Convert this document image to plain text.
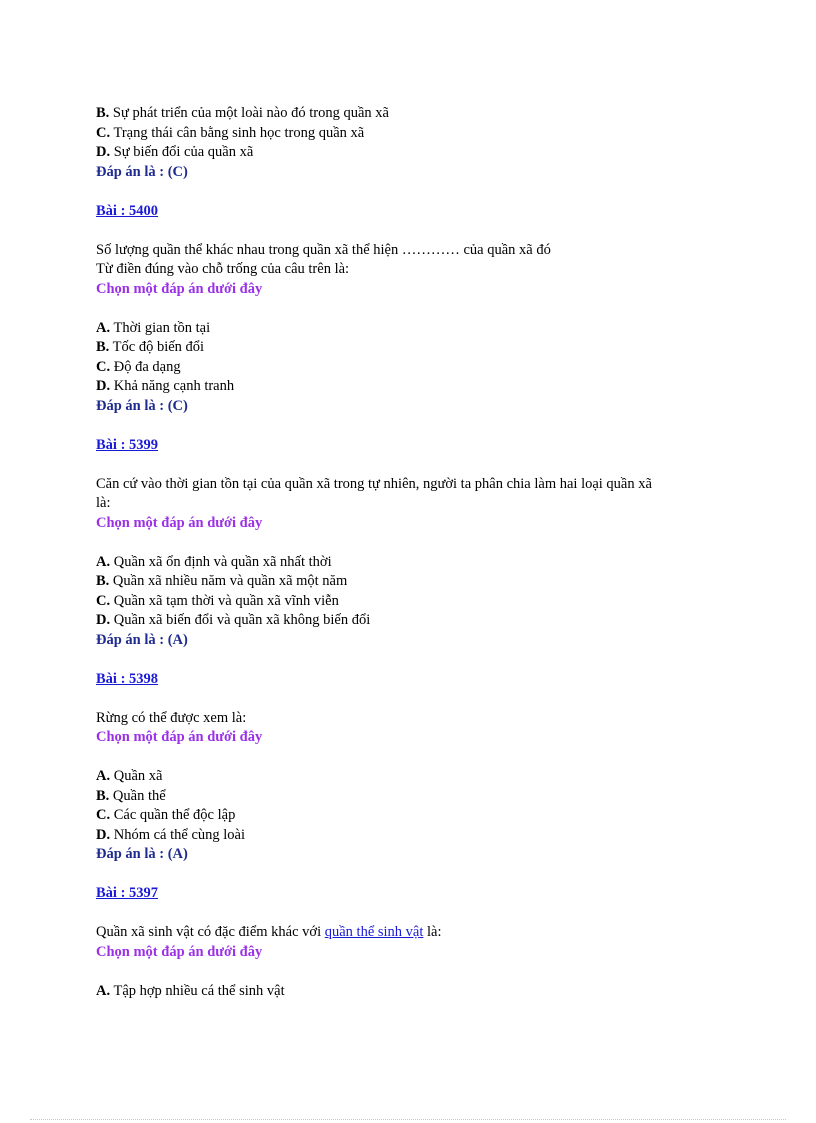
B. Sự phát triển của một loài nào đó trong quần xã

C. Trạng thái cân bằng sinh học trong quần xã

D. Sự biến đổi của quần xã

Đáp án là : (C)
Bài : 5400

Số lượng quần thể khác nhau trong quần xã thể hiện ………… của quần xã đó

Từ điền đúng vào chỗ trống của câu trên là:

Chọn một đáp án dưới đây

A. Thời gian tồn tại

B. Tốc độ biến đổi

C. Độ đa dạng

D. Khả năng cạnh tranh

Đáp án là : (C)
Bài : 5399

Căn cứ vào thời gian tồn tại của quần xã trong tự nhiên, người ta phân chia làm hai loại quần xã

là:

Chọn một đáp án dưới đây

A. Quần xã ổn định và quần xã nhất thời

B. Quần xã nhiều năm và quần xã một năm

C. Quần xã tạm thời và quần xã vĩnh viễn

D. Quần xã biến đổi và quần xã không biến đổi

Đáp án là : (A)
Bài : 5398

Rừng có thể được xem là:

Chọn một đáp án dưới đây

A. Quần xã

B. Quần thể

C. Các quần thể độc lập

D. Nhóm cá thể cùng loài

Đáp án là : (A)
Bài : 5397

Quần xã sinh vật có đặc điểm khác với quần thể sinh vật là:

Chọn một đáp án dưới đây

A. Tập hợp nhiều cá thể sinh vật
